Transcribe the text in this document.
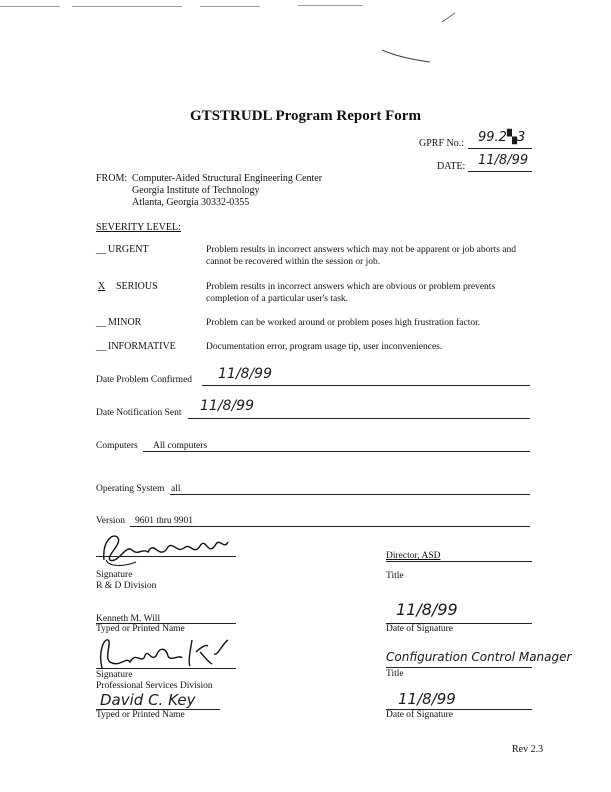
GTSTRUDL Program Report Form
GPRF No.: 99.2▚3
DATE: 11/8/99
FROM: Computer-Aided Structural Engineering Center
Georgia Institute of Technology
Atlanta, Georgia 30332-0355
SEVERITY LEVEL:
__ URGENT	Problem results in incorrect answers which may not be apparent or job aborts and cannot be recovered within the session or job.
X SERIOUS	Problem results in incorrect answers which are obvious or problem prevents completion of a particular user's task.
__ MINOR	Problem can be worked around or problem poses high frustration factor.
__ INFORMATIVE	Documentation error, program usage tip, user inconveniences.
Date Problem Confirmed 11/8/99
Date Notification Sent 11/8/99
Computers All computers
Operating System all
Version 9601 thru 9901
Signature
R & D Division
Director, ASD
Title
Kenneth M. Will
Typed or Printed Name
11/8/99
Date of Signature
Signature
Professional Services Division
Configuration Control Manager
Title
David C. Key
Typed or Printed Name
11/8/99
Date of Signature
Rev 2.3
